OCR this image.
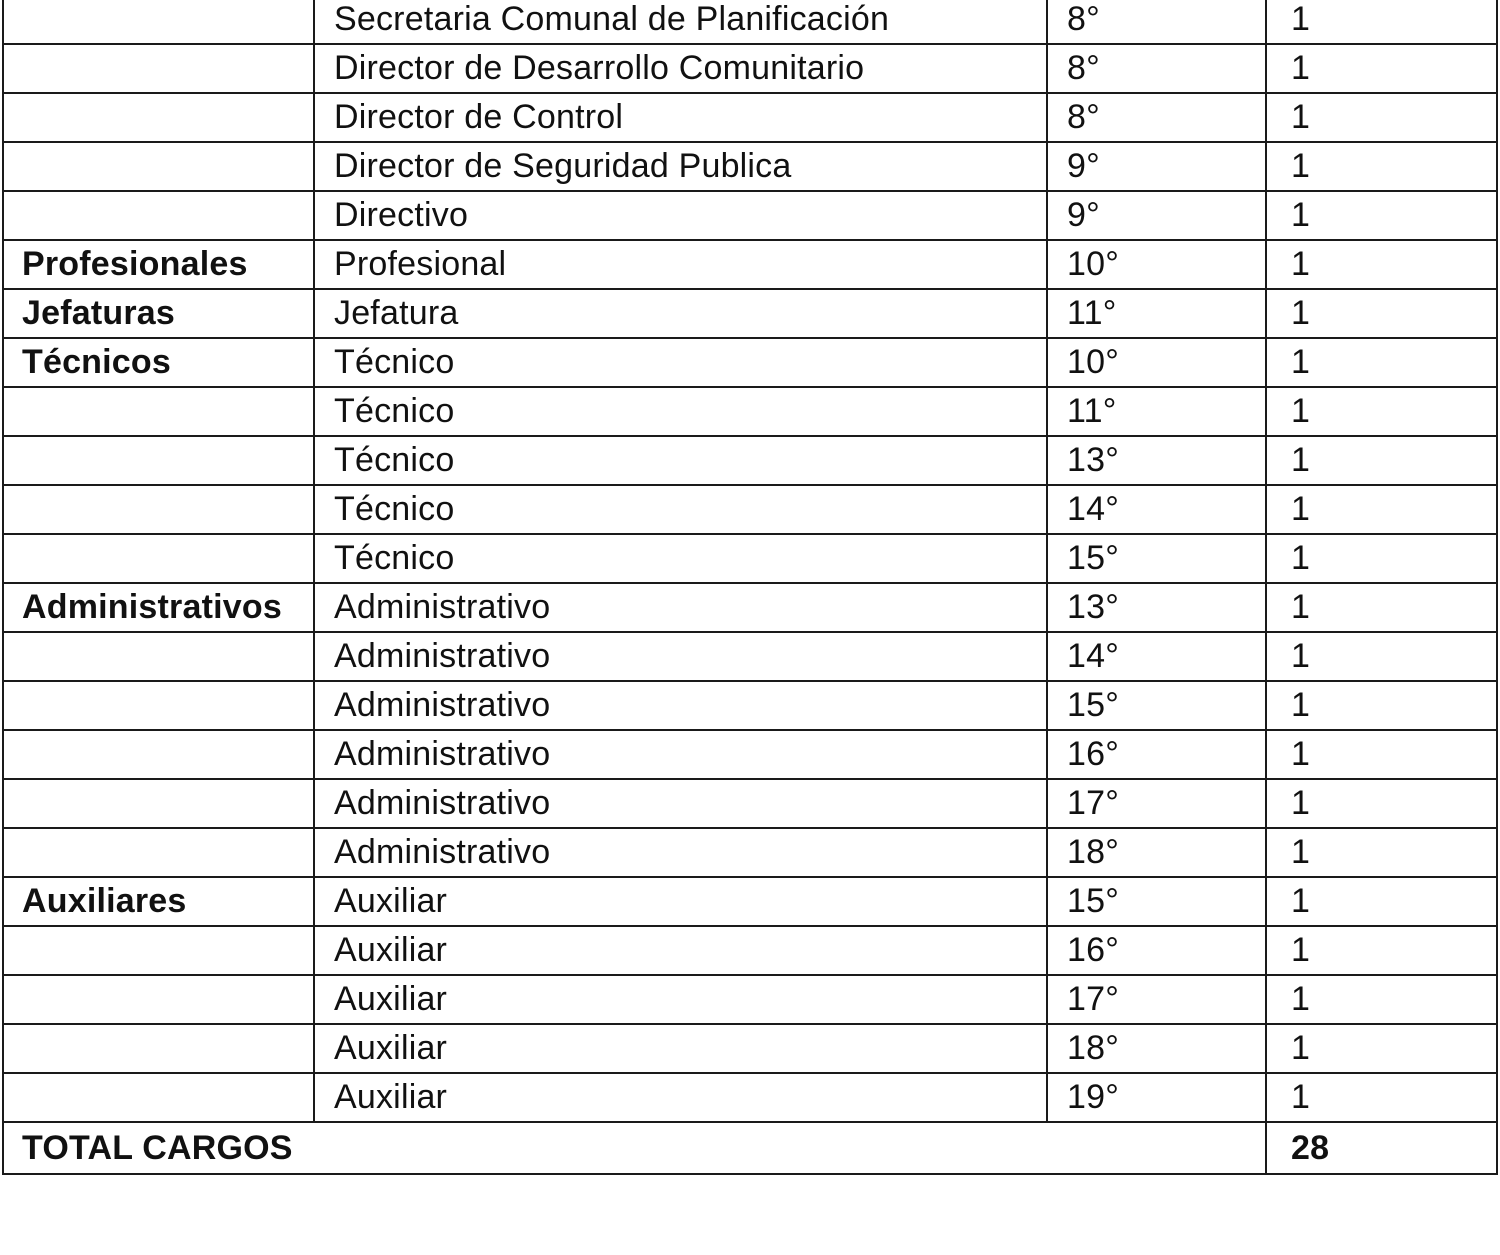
	Secretaria Comunal de Planificación	8°	1
	Director de Desarrollo Comunitario	8°	1
	Director de Control	8°	1
	Director de Seguridad Publica	9°	1
	Directivo	9°	1
Profesionales	Profesional	10°	1
Jefaturas	Jefatura	11°	1
Técnicos	Técnico	10°	1
	Técnico	11°	1
	Técnico	13°	1
	Técnico	14°	1
	Técnico	15°	1
Administrativos	Administrativo	13°	1
	Administrativo	14°	1
	Administrativo	15°	1
	Administrativo	16°	1
	Administrativo	17°	1
	Administrativo	18°	1
Auxiliares	Auxiliar	15°	1
	Auxiliar	16°	1
	Auxiliar	17°	1
	Auxiliar	18°	1
	Auxiliar	19°	1
TOTAL CARGOS			28
